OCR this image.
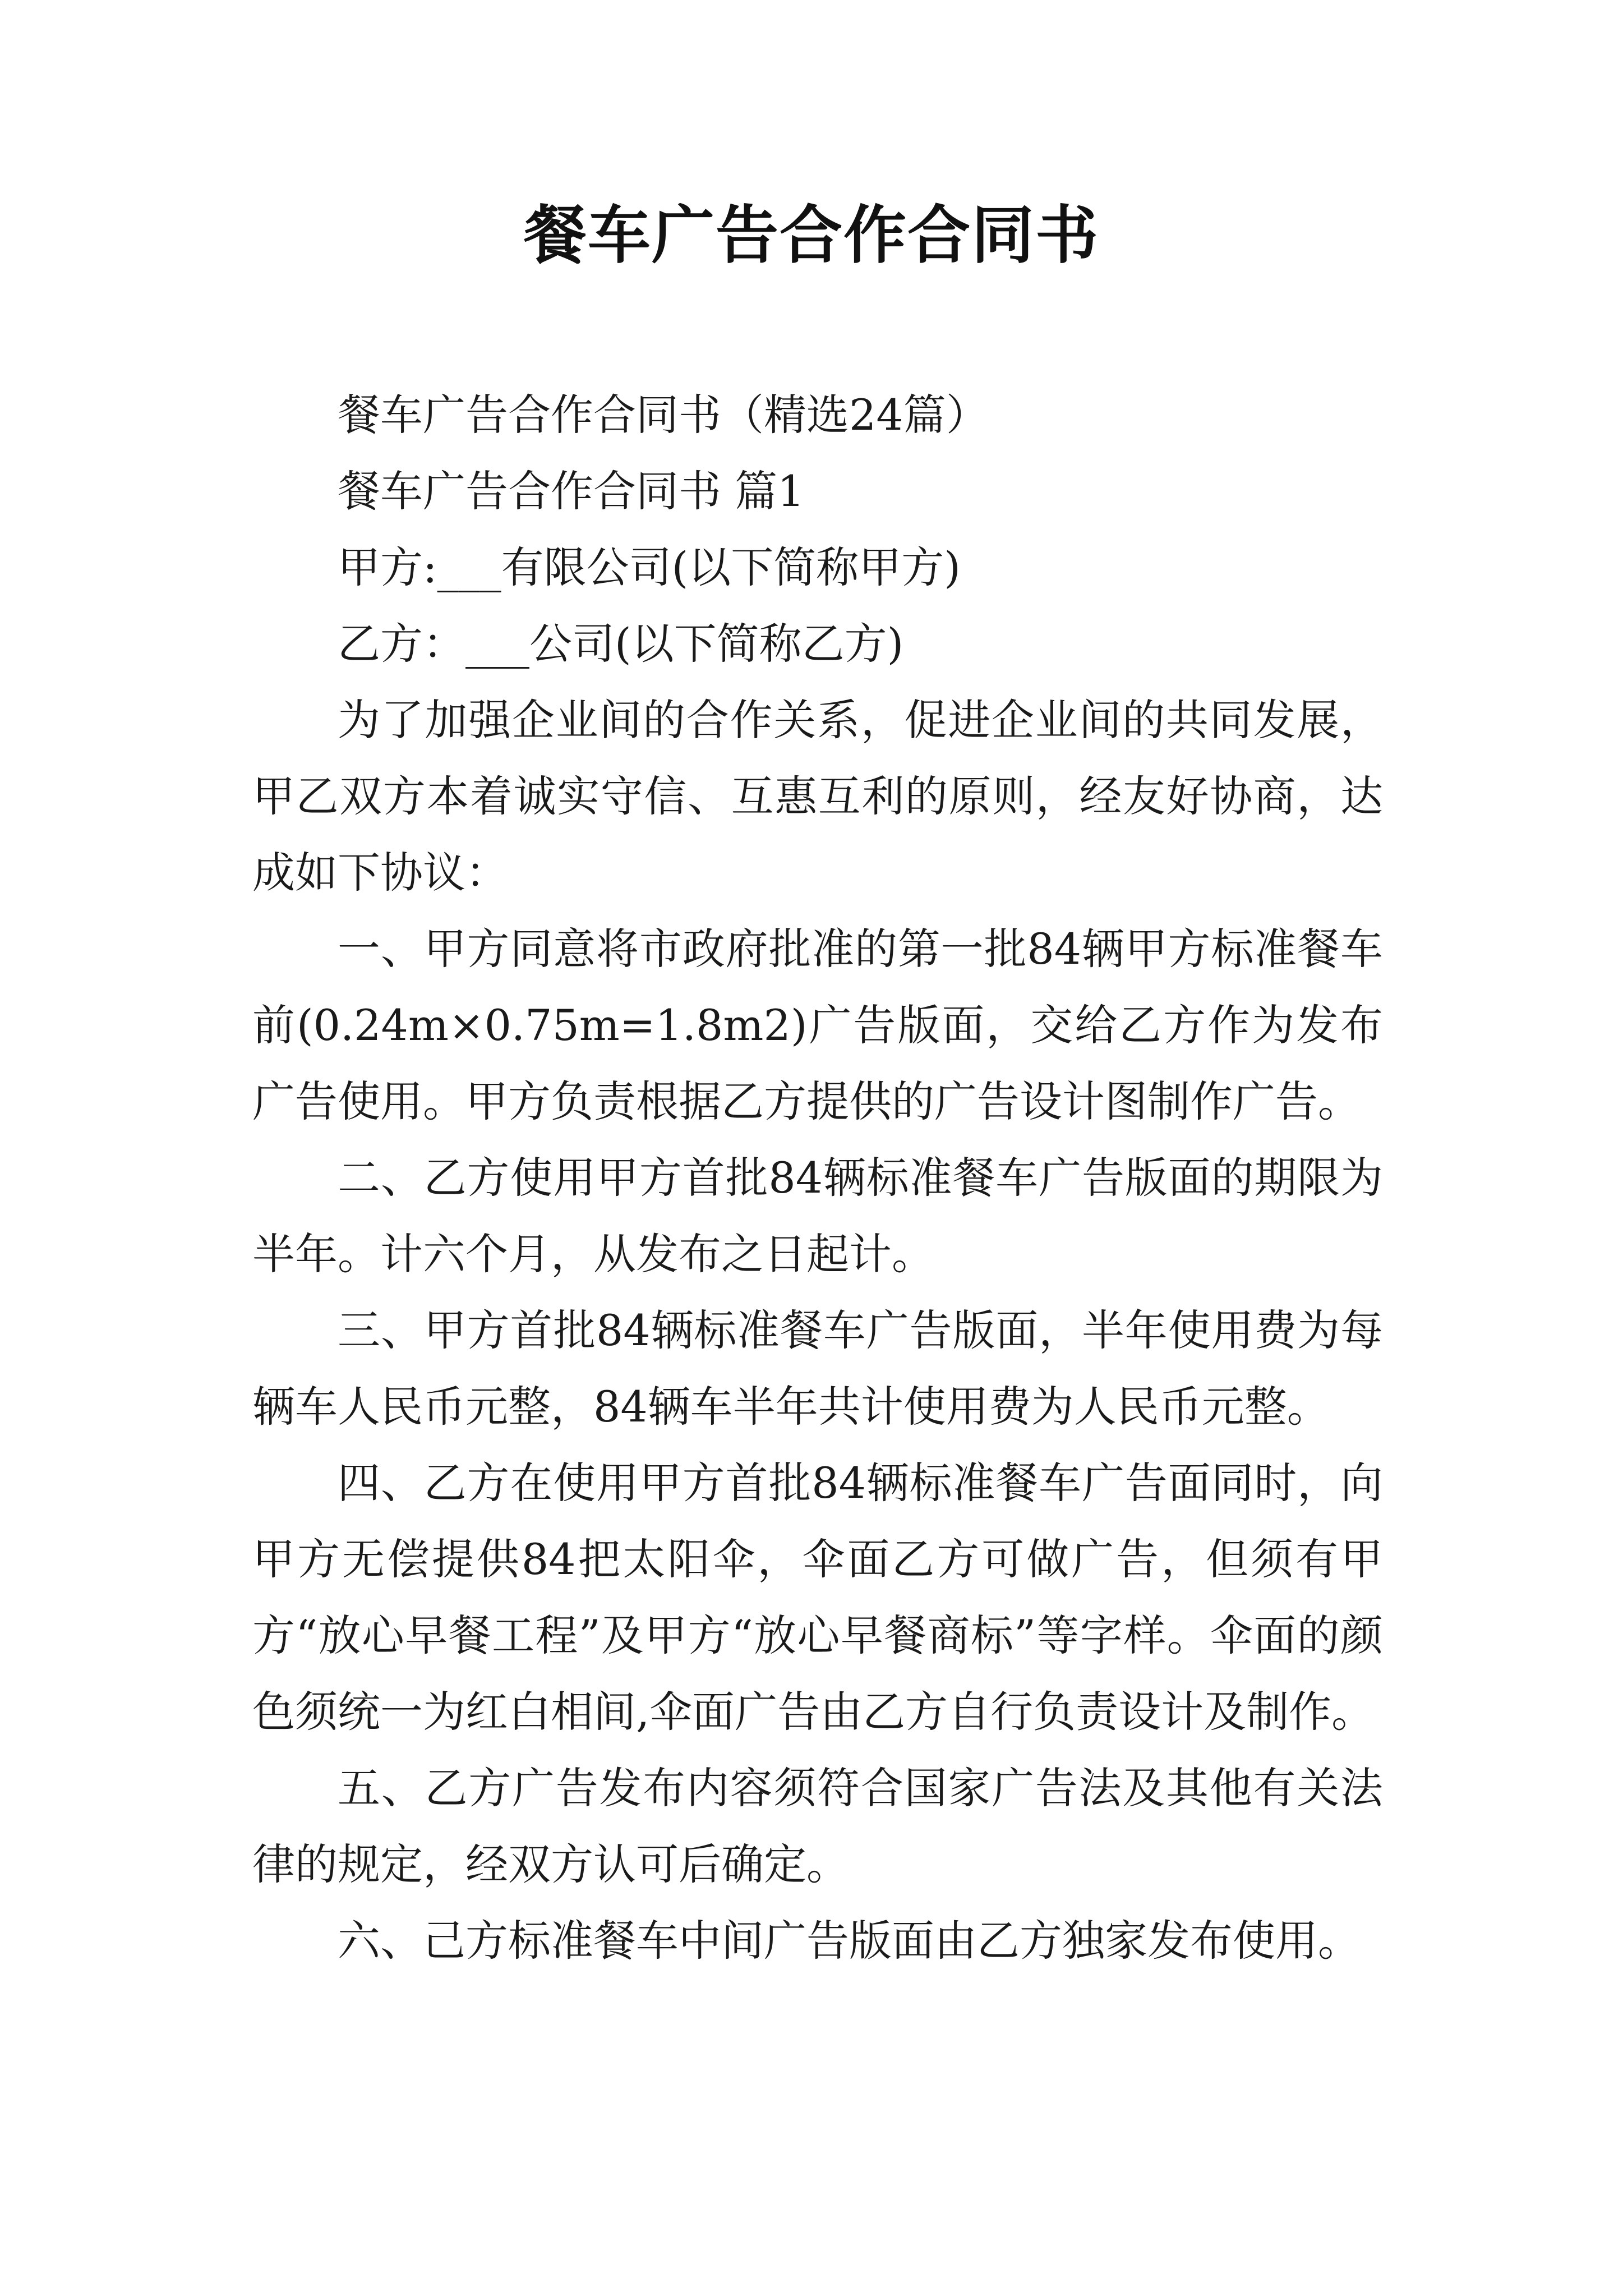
餐车广告合作合同书

餐车广告合作合同书（精选24篇）

餐车广告合作合同书 篇1

甲方:___有限公司(以下简称甲方)

乙方：___公司(以下简称乙方)

为了加强企业间的合作关系，促进企业间的共同发展，甲乙双方本着诚实守信、互惠互利的原则，经友好协商，达成如下协议：

一、甲方同意将市政府批准的第一批84辆甲方标准餐车前(0.24m×0.75m=1.8m2)广告版面，交给乙方作为发布广告使用。甲方负责根据乙方提供的广告设计图制作广告。

二、乙方使用甲方首批84辆标准餐车广告版面的期限为半年。计六个月，从发布之日起计。

三、甲方首批84辆标准餐车广告版面，半年使用费为每辆车人民币元整，84辆车半年共计使用费为人民币元整。

四、乙方在使用甲方首批84辆标准餐车广告面同时，向甲方无偿提供84把太阳伞，伞面乙方可做广告，但须有甲方“放心早餐工程”及甲方“放心早餐商标”等字样。伞面的颜色须统一为红白相间,伞面广告由乙方自行负责设计及制作。

五、乙方广告发布内容须符合国家广告法及其他有关法律的规定，经双方认可后确定。

六、己方标准餐车中间广告版面由乙方独家发布使用。
